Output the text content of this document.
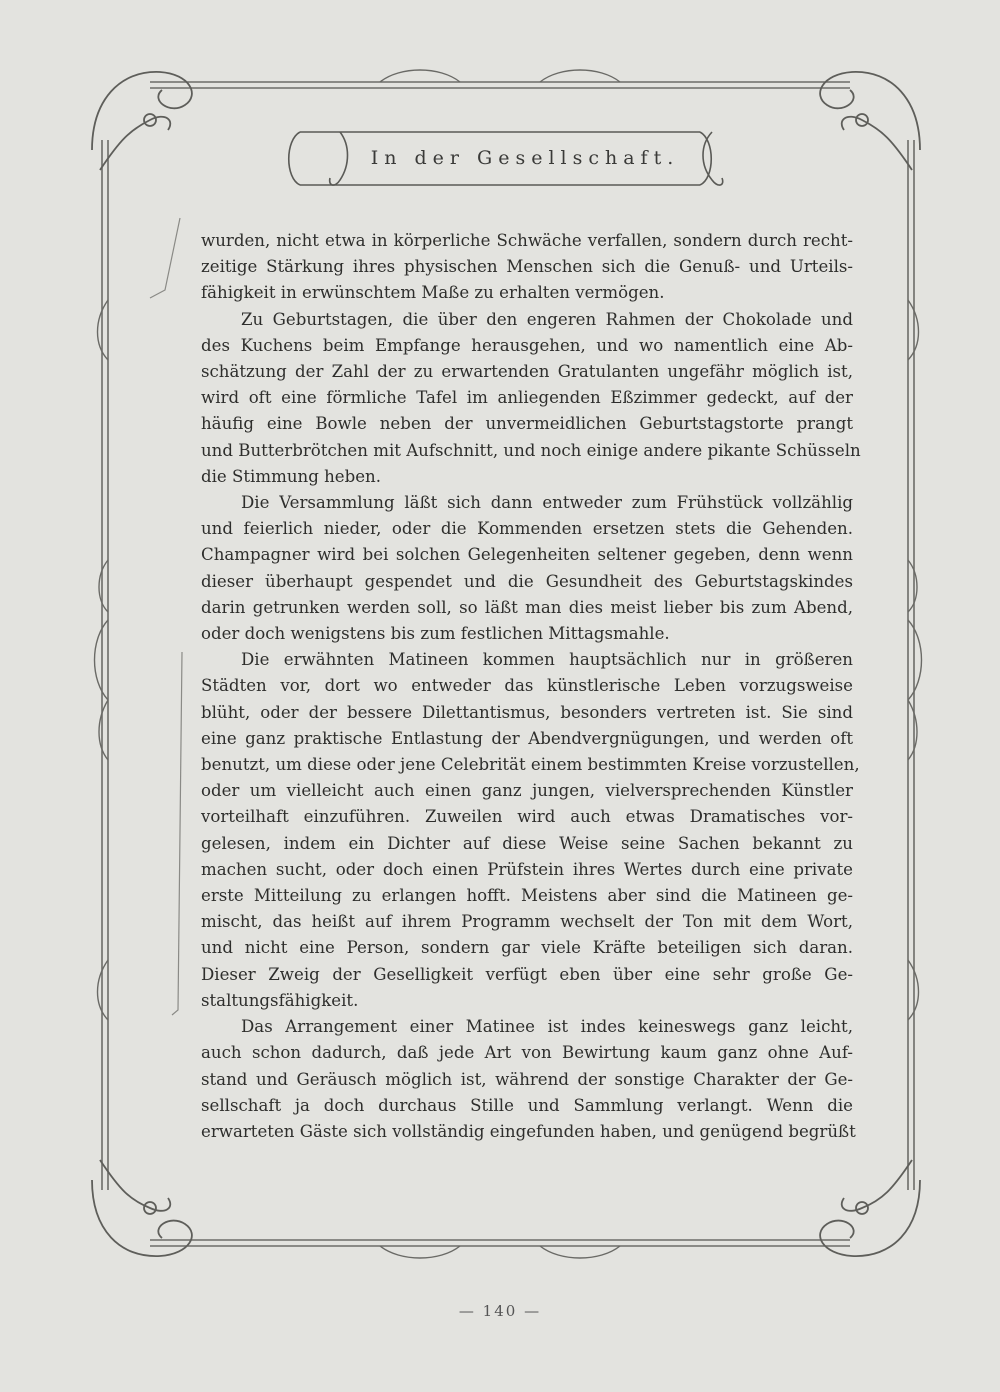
In der Gesellschaft.

wurden, nicht etwa in körperliche Schwäche verfallen, sondern durch recht-
zeitige Stärkung ihres physischen Menschen sich die Genuß- und Urteils-
fähigkeit in erwünschtem Maße zu erhalten vermögen.

Zu Geburtstagen, die über den engeren Rahmen der Chokolade und
des Kuchens beim Empfange herausgehen, und wo namentlich eine Ab-
schätzung der Zahl der zu erwartenden Gratulanten ungefähr möglich ist,
wird oft eine förmliche Tafel im anliegenden Eßzimmer gedeckt, auf der
häufig eine Bowle neben der unvermeidlichen Geburtstagstorte prangt
und Butterbrötchen mit Aufschnitt, und noch einige andere pikante Schüsseln
die Stimmung heben.

Die Versammlung läßt sich dann entweder zum Frühstück vollzählig
und feierlich nieder, oder die Kommenden ersetzen stets die Gehenden.
Champagner wird bei solchen Gelegenheiten seltener gegeben, denn wenn
dieser überhaupt gespendet und die Gesundheit des Geburtstagskindes
darin getrunken werden soll, so läßt man dies meist lieber bis zum Abend,
oder doch wenigstens bis zum festlichen Mittagsmahle.

Die erwähnten Matineen kommen hauptsächlich nur in größeren
Städten vor, dort wo entweder das künstlerische Leben vorzugsweise
blüht, oder der bessere Dilettantismus, besonders vertreten ist. Sie sind
eine ganz praktische Entlastung der Abendvergnügungen, und werden oft
benutzt, um diese oder jene Celebrität einem bestimmten Kreise vorzustellen,
oder um vielleicht auch einen ganz jungen, vielversprechenden Künstler
vorteilhaft einzuführen. Zuweilen wird auch etwas Dramatisches vor-
gelesen, indem ein Dichter auf diese Weise seine Sachen bekannt zu
machen sucht, oder doch einen Prüfstein ihres Wertes durch eine private
erste Mitteilung zu erlangen hofft. Meistens aber sind die Matineen ge-
mischt, das heißt auf ihrem Programm wechselt der Ton mit dem Wort,
und nicht eine Person, sondern gar viele Kräfte beteiligen sich daran.
Dieser Zweig der Geselligkeit verfügt eben über eine sehr große Ge-
staltungsfähigkeit.

Das Arrangement einer Matinee ist indes keineswegs ganz leicht,
auch schon dadurch, daß jede Art von Bewirtung kaum ganz ohne Auf-
stand und Geräusch möglich ist, während der sonstige Charakter der Ge-
sellschaft ja doch durchaus Stille und Sammlung verlangt. Wenn die
erwarteten Gäste sich vollständig eingefunden haben, und genügend begrüßt

— 140 —
